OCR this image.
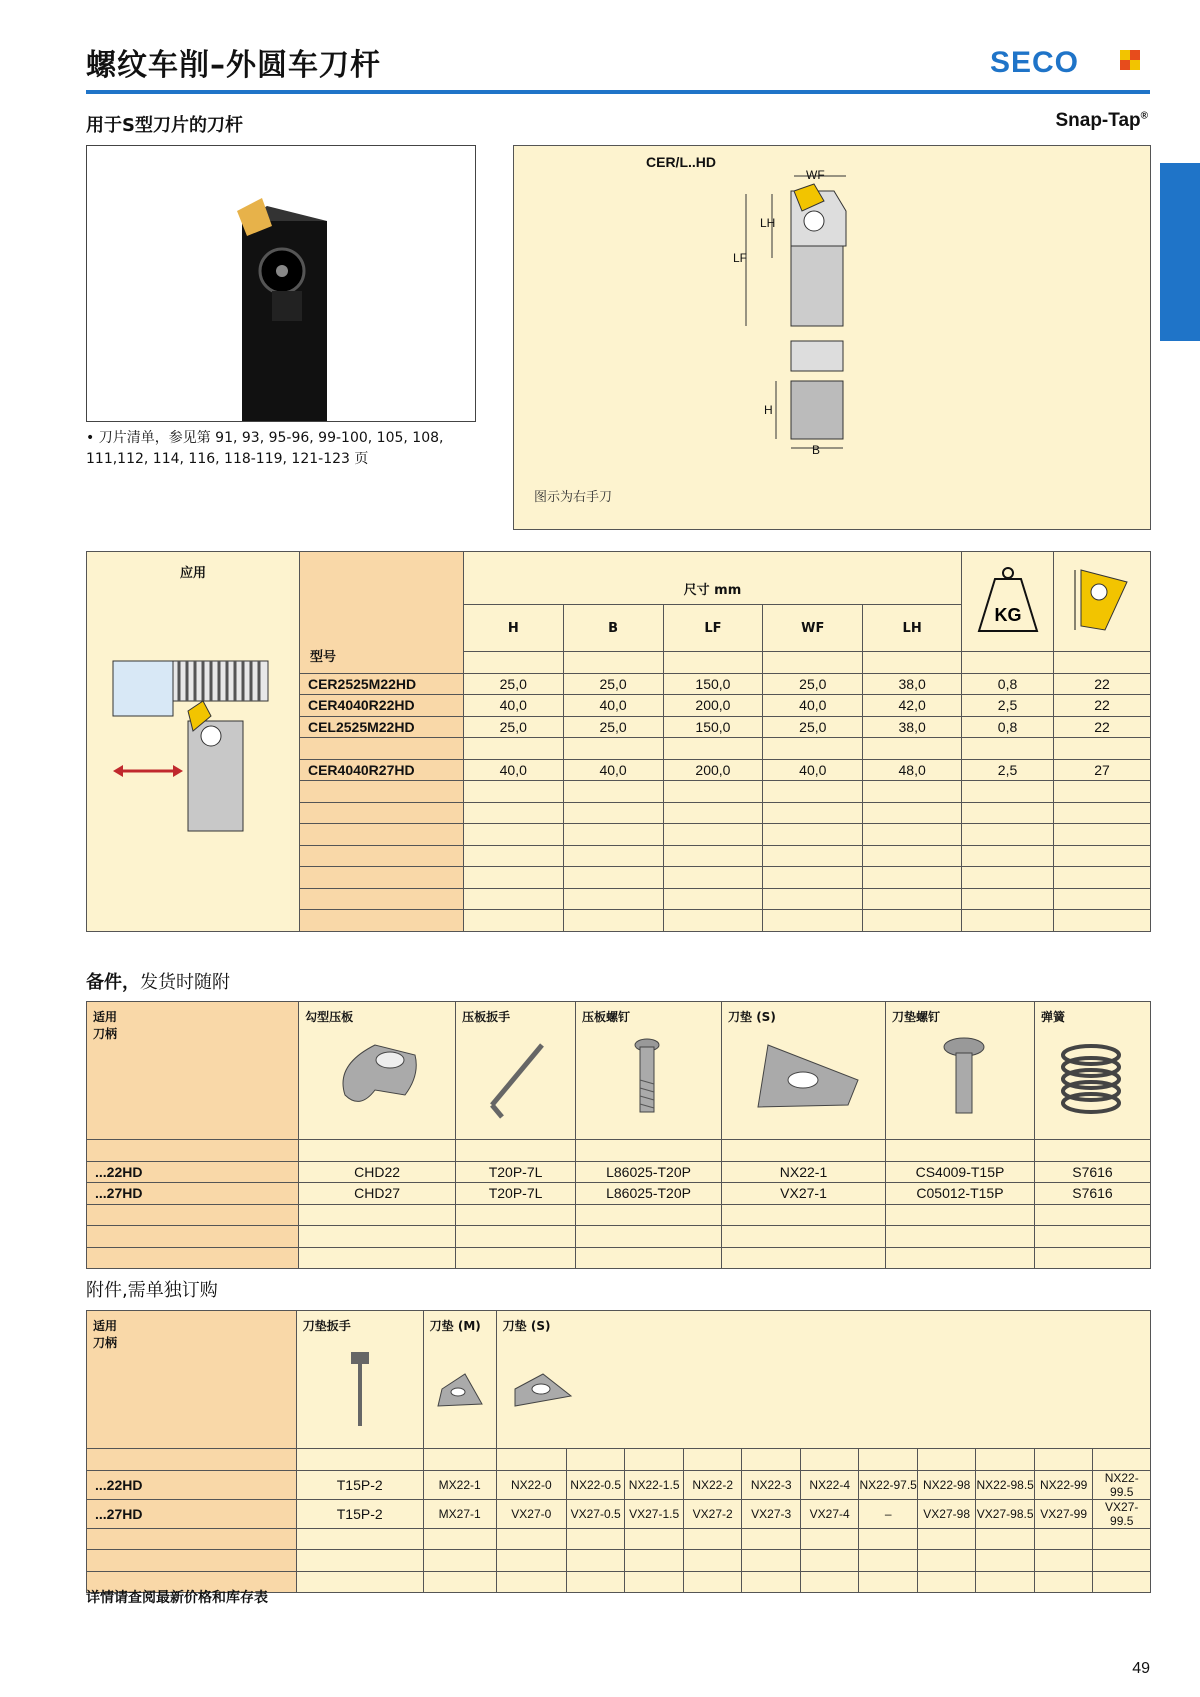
螺纹车削–外圆车刀杆	SECO
用于S型刀片的刀杆	Snap-Tap®
• 刀片清单，参见第 91, 93, 95-96, 99-100, 105, 108, 111,112, 114, 116, 118-119, 121-123 页
CER/L..HD
WF
LH
LF
H
B
图示为右手刀
应用	型号	尺寸 mm					KG

		H	B	LF	WF	LH		

	CER2525M22HD	25,0	25,0	150,0	25,0	38,0	0,8	22
	CER4040R22HD	40,0	40,0	200,0	40,0	42,0	2,5	22
	CEL2525M22HD	25,0	25,0	150,0	25,0	38,0	0,8	22

	CER4040R27HD	40,0	40,0	200,0	40,0	48,0	2,5	27

备件，发货时随附
适用
刀柄	勾型压板	压板扳手	压板螺钉	刀垫 (S)	刀垫螺钉	弹簧

...22HD	CHD22	T20P-7L	L86025-T20P	NX22-1	CS4009-T15P	S7616
...27HD	CHD27	T20P-7L	L86025-T20P	VX27-1	C05012-T15P	S7616

附件,需单独订购
适用
刀柄	刀垫扳手	刀垫 (M)	刀垫 (S)										

...22HD	T15P-2	MX22-1	NX22-0	NX22-0.5	NX22-1.5	NX22-2	NX22-3	NX22-4	NX22-97.5	NX22-98	NX22-98.5	NX22-99	NX22-99.5
...27HD	T15P-2	MX27-1	VX27-0	VX27-0.5	VX27-1.5	VX27-2	VX27-3	VX27-4	–	VX27-98	VX27-98.5	VX27-99	VX27-99.5

详情请查阅最新价格和库存表
49
